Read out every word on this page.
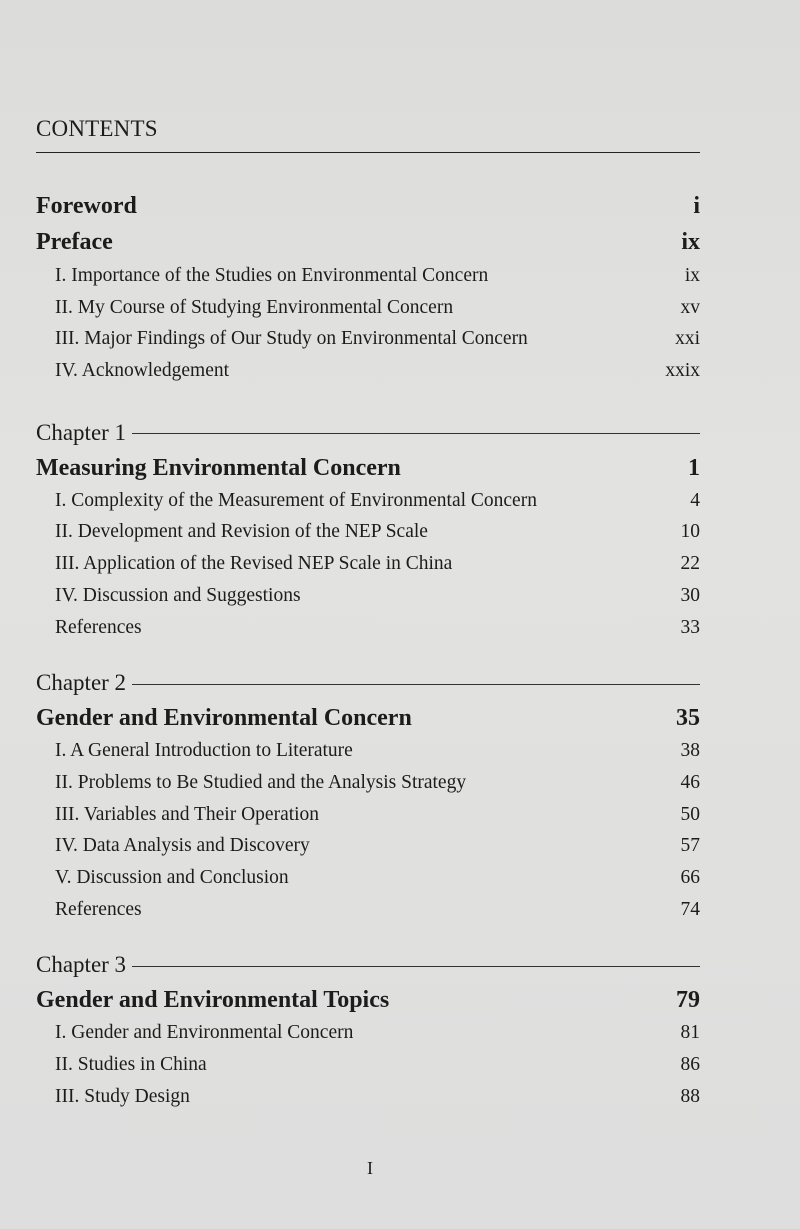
CONTENTS
Foreword	i
Preface	ix
I. Importance of the Studies on Environmental Concern	ix
II. My Course of Studying Environmental Concern	xv
III. Major Findings of Our Study on Environmental Concern	xxi
IV. Acknowledgement	xxix
Chapter 1
Measuring Environmental Concern	1
I. Complexity of the Measurement of Environmental Concern	4
II. Development and Revision of the NEP Scale	10
III. Application of the Revised NEP Scale in China	22
IV. Discussion and Suggestions	30
References	33
Chapter 2
Gender and Environmental Concern	35
I. A General Introduction to Literature	38
II. Problems to Be Studied and the Analysis Strategy	46
III. Variables and Their Operation	50
IV. Data Analysis and Discovery	57
V. Discussion and Conclusion	66
References	74
Chapter 3
Gender and Environmental Topics	79
I. Gender and Environmental Concern	81
II. Studies in China	86
III. Study Design	88
I
